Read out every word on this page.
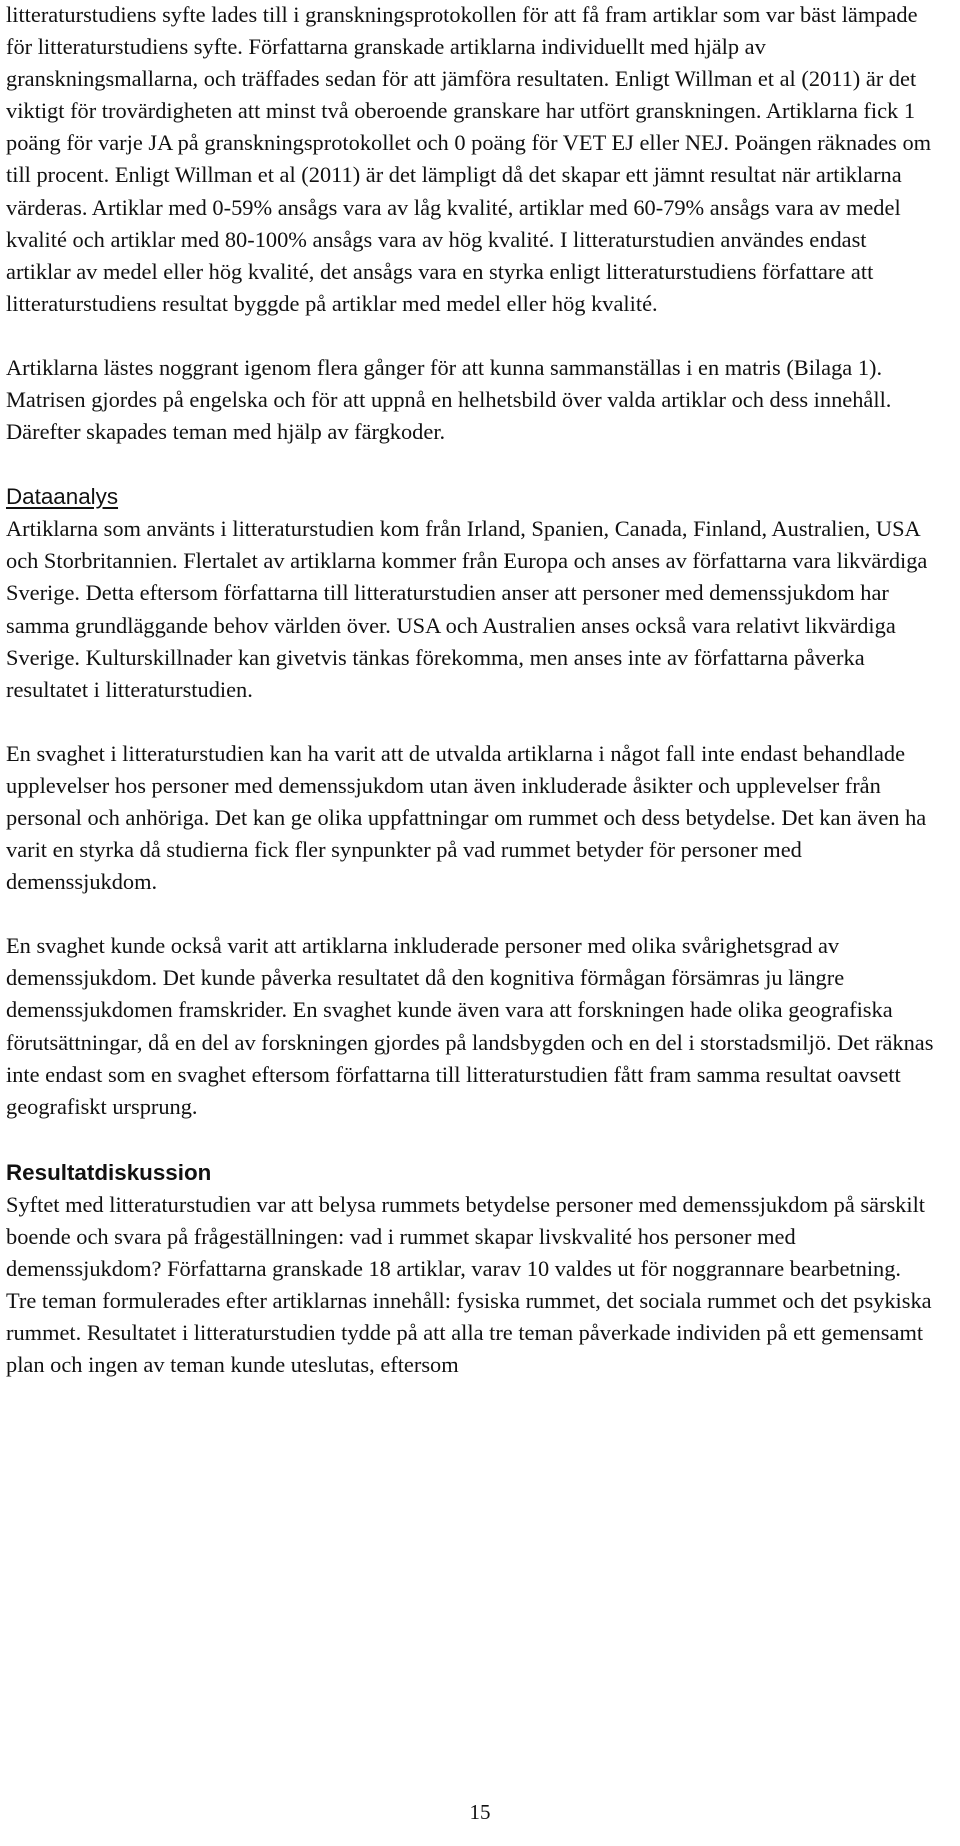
litteraturstudiens syfte lades till i granskningsprotokollen för att få fram artiklar som var bäst lämpade för litteraturstudiens syfte. Författarna granskade artiklarna individuellt med hjälp av granskningsmallarna, och träffades sedan för att jämföra resultaten. Enligt Willman et al (2011) är det viktigt för trovärdigheten att minst två oberoende granskare har utfört granskningen. Artiklarna fick 1 poäng för varje JA på granskningsprotokollet och 0 poäng för VET EJ eller NEJ. Poängen räknades om till procent. Enligt Willman et al (2011) är det lämpligt då det skapar ett jämnt resultat när artiklarna värderas. Artiklar med 0-59% ansågs vara av låg kvalité, artiklar med 60-79% ansågs vara av medel kvalité och artiklar med 80-100% ansågs vara av hög kvalité. I litteraturstudien användes endast artiklar av medel eller hög kvalité, det ansågs vara en styrka enligt litteraturstudiens författare att litteraturstudiens resultat byggde på artiklar med medel eller hög kvalité.

Artiklarna lästes noggrant igenom flera gånger för att kunna sammanställas i en matris (Bilaga 1). Matrisen gjordes på engelska och för att uppnå en helhetsbild över valda artiklar och dess innehåll. Därefter skapades teman med hjälp av färgkoder.

Dataanalys

Artiklarna som använts i litteraturstudien kom från Irland, Spanien, Canada, Finland, Australien, USA och Storbritannien. Flertalet av artiklarna kommer från Europa och anses av författarna vara likvärdiga Sverige. Detta eftersom författarna till litteraturstudien anser att personer med demenssjukdom har samma grundläggande behov världen över. USA och Australien anses också vara relativt likvärdiga Sverige. Kulturskillnader kan givetvis tänkas förekomma, men anses inte av författarna påverka resultatet i litteraturstudien.

En svaghet i litteraturstudien kan ha varit att de utvalda artiklarna i något fall inte endast behandlade upplevelser hos personer med demenssjukdom utan även inkluderade åsikter och upplevelser från personal och anhöriga. Det kan ge olika uppfattningar om rummet och dess betydelse. Det kan även ha varit en styrka då studierna fick fler synpunkter på vad rummet betyder för personer med demenssjukdom.

En svaghet kunde också varit att artiklarna inkluderade personer med olika svårighetsgrad av demenssjukdom. Det kunde påverka resultatet då den kognitiva förmågan försämras ju längre demenssjukdomen framskrider. En svaghet kunde även vara att forskningen hade olika geografiska förutsättningar, då en del av forskningen gjordes på landsbygden och en del i storstadsmiljö. Det räknas inte endast som en svaghet eftersom författarna till litteraturstudien fått fram samma resultat oavsett geografiskt ursprung.

Resultatdiskussion

Syftet med litteraturstudien var att belysa rummets betydelse personer med demenssjukdom på särskilt boende och svara på frågeställningen: vad i rummet skapar livskvalité hos personer med demenssjukdom? Författarna granskade 18 artiklar, varav 10 valdes ut för noggrannare bearbetning. Tre teman formulerades efter artiklarnas innehåll: fysiska rummet, det sociala rummet och det psykiska rummet. Resultatet i litteraturstudien tydde på att alla tre teman påverkade individen på ett gemensamt plan och ingen av teman kunde uteslutas, eftersom

15
